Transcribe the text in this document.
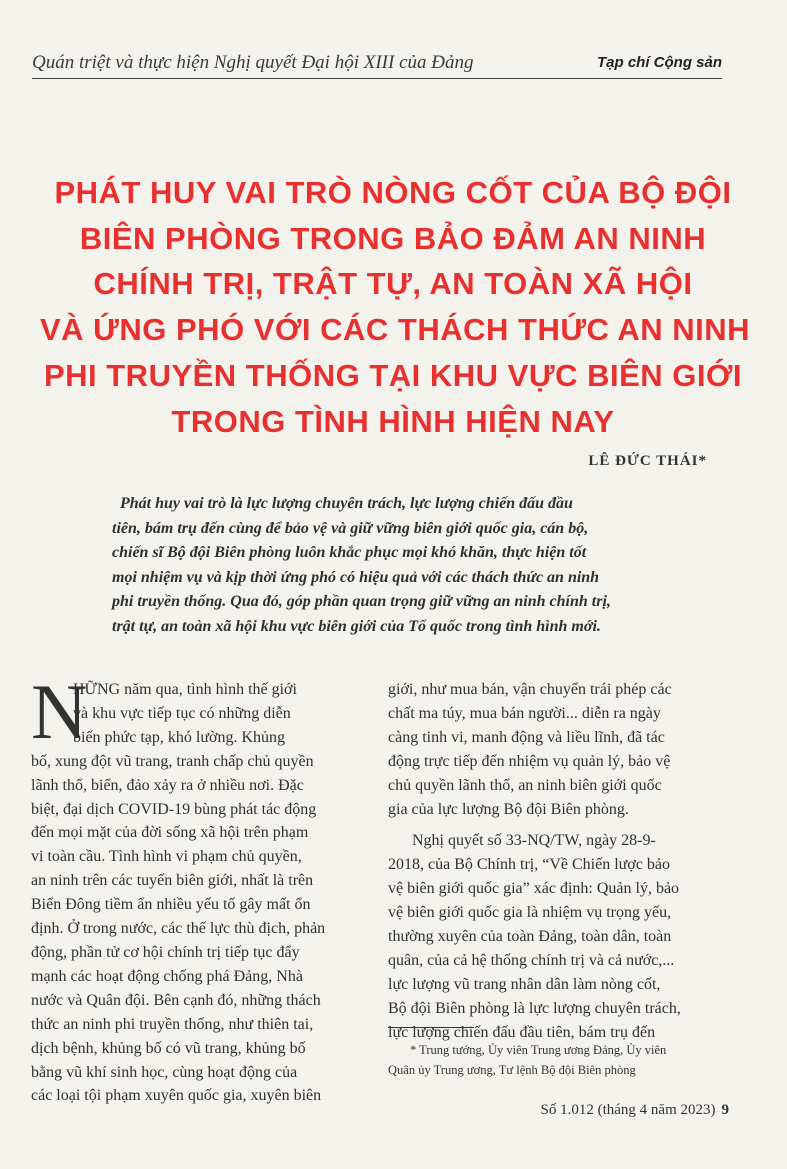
Quán triệt và thực hiện Nghị quyết Đại hội XIII của Đảng	Tạp chí Cộng sản
PHÁT HUY VAI TRÒ NÒNG CỐT CỦA BỘ ĐỘI
BIÊN PHÒNG TRONG BẢO ĐẢM AN NINH
CHÍNH TRỊ, TRẬT TỰ, AN TOÀN XÃ HỘI
VÀ ỨNG PHÓ VỚI CÁC THÁCH THỨC AN NINH
PHI TRUYỀN THỐNG TẠI KHU VỰC BIÊN GIỚI
TRONG TÌNH HÌNH HIỆN NAY
LÊ ĐỨC THÁI*
Phát huy vai trò là lực lượng chuyên trách, lực lượng chiến đấu đầu
tiên, bám trụ đến cùng để bảo vệ và giữ vững biên giới quốc gia, cán bộ,
chiến sĩ Bộ đội Biên phòng luôn khắc phục mọi khó khăn, thực hiện tốt
mọi nhiệm vụ và kịp thời ứng phó có hiệu quả với các thách thức an ninh
phi truyền thống. Qua đó, góp phần quan trọng giữ vững an ninh chính trị,
trật tự, an toàn xã hội khu vực biên giới của Tổ quốc trong tình hình mới.
N
HỮNG năm qua, tình hình thế giới
và khu vực tiếp tục có những diễn
biến phức tạp, khó lường. Khủng
bố, xung đột vũ trang, tranh chấp chủ quyền
lãnh thổ, biển, đảo xảy ra ở nhiều nơi. Đặc
biệt, đại dịch COVID-19 bùng phát tác động
đến mọi mặt của đời sống xã hội trên phạm
vi toàn cầu. Tình hình vi phạm chủ quyền,
an ninh trên các tuyến biên giới, nhất là trên
Biển Đông tiềm ẩn nhiều yếu tố gây mất ổn
định. Ở trong nước, các thế lực thù địch, phản
động, phần tử cơ hội chính trị tiếp tục đẩy
mạnh các hoạt động chống phá Đảng, Nhà
nước và Quân đội. Bên cạnh đó, những thách
thức an ninh phi truyền thống, như thiên tai,
dịch bệnh, khủng bố có vũ trang, khủng bố
bằng vũ khí sinh học, cùng hoạt động của
các loại tội phạm xuyên quốc gia, xuyên biên
giới, như mua bán, vận chuyển trái phép các
chất ma túy, mua bán người... diễn ra ngày
càng tinh vi, manh động và liều lĩnh, đã tác
động trực tiếp đến nhiệm vụ quản lý, bảo vệ
chủ quyền lãnh thổ, an ninh biên giới quốc
gia của lực lượng Bộ đội Biên phòng.
Nghị quyết số 33-NQ/TW, ngày 28-9-
2018, của Bộ Chính trị, “Về Chiến lược bảo
vệ biên giới quốc gia” xác định: Quản lý, bảo
vệ biên giới quốc gia là nhiệm vụ trọng yếu,
thường xuyên của toàn Đảng, toàn dân, toàn
quân, của cả hệ thống chính trị và cả nước,...
lực lượng vũ trang nhân dân làm nòng cốt,
Bộ đội Biên phòng là lực lượng chuyên trách,
lực lượng chiến đấu đầu tiên, bám trụ đến
* Trung tướng, Ủy viên Trung ương Đảng, Ủy viên
Quân ủy Trung ương, Tư lệnh Bộ đội Biên phòng
Số 1.012 (tháng 4 năm 2023) 9
